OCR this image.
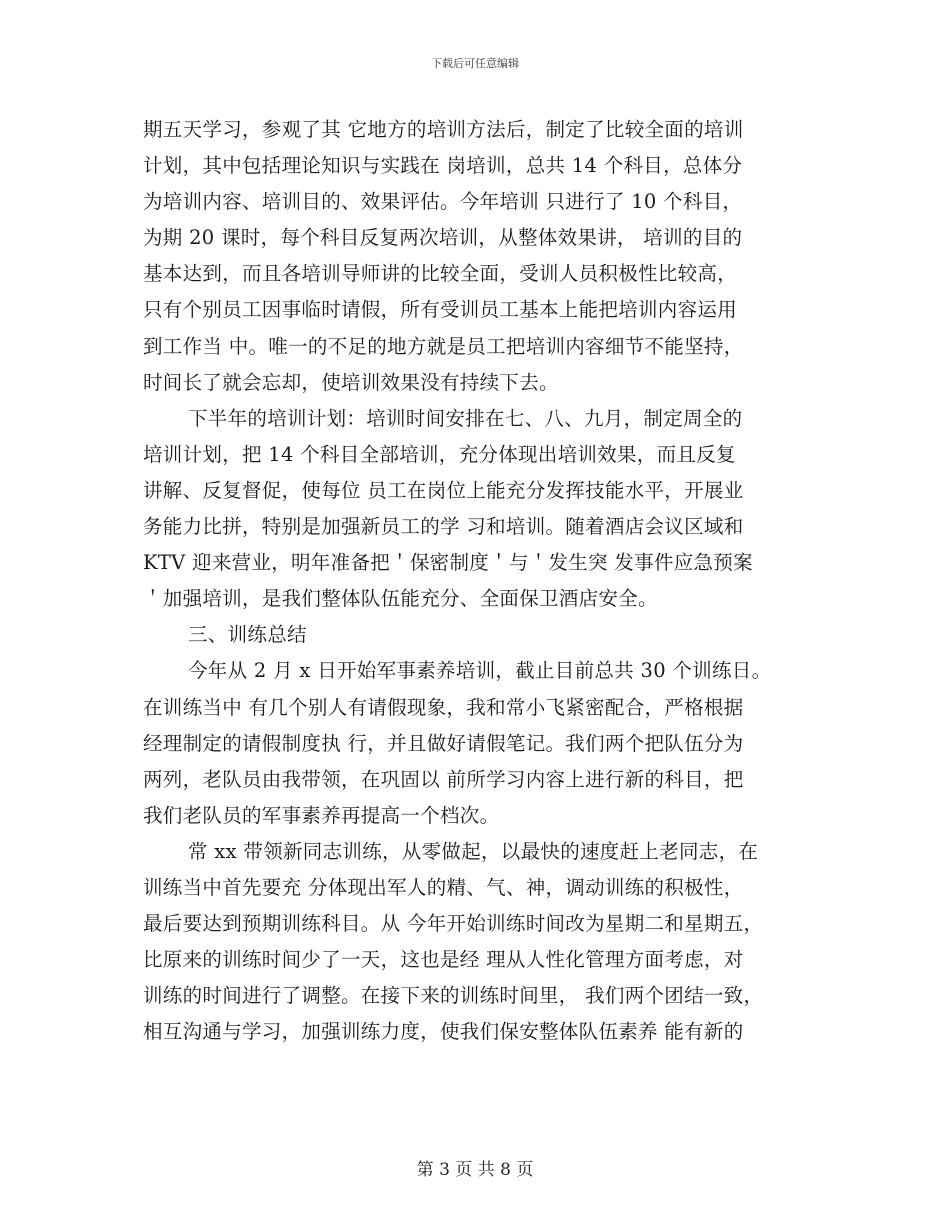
下载后可任意编辑
期五天学习，参观了其 它地方的培训方法后，制定了比较全面的培训
计划，其中包括理论知识与实践在 岗培训，总共 14 个科目，总体分
为培训内容、培训目的、效果评估。今年培训 只进行了 10 个科目，
为期 20 课时，每个科目反复两次培训，从整体效果讲， 培训的目的
基本达到，而且各培训导师讲的比较全面，受训人员积极性比较高，
只有个别员工因事临时请假，所有受训员工基本上能把培训内容运用
到工作当 中。唯一的不足的地方就是员工把培训内容细节不能坚持，
时间长了就会忘却，使培训效果没有持续下去。
下半年的培训计划：培训时间安排在七、八、九月，制定周全的
培训计划，把 14 个科目全部培训，充分体现出培训效果，而且反复
讲解、反复督促，使每位 员工在岗位上能充分发挥技能水平，开展业
务能力比拼，特别是加强新员工的学 习和培训。随着酒店会议区域和
KTV 迎来营业，明年准备把＇保密制度＇与＇发生突 发事件应急预案
＇加强培训，是我们整体队伍能充分、全面保卫酒店安全。
三、训练总结
今年从 2 月 x 日开始军事素养培训，截止目前总共 30 个训练日。
在训练当中 有几个别人有请假现象，我和常小飞紧密配合，严格根据
经理制定的请假制度执 行，并且做好请假笔记。我们两个把队伍分为
两列，老队员由我带领，在巩固以 前所学习内容上进行新的科目，把
我们老队员的军事素养再提高一个档次。
常 xx 带领新同志训练，从零做起，以最快的速度赶上老同志，在
训练当中首先要充 分体现出军人的精、气、神，调动训练的积极性，
最后要达到预期训练科目。从 今年开始训练时间改为星期二和星期五，
比原来的训练时间少了一天，这也是经 理从人性化管理方面考虑，对
训练的时间进行了调整。在接下来的训练时间里， 我们两个团结一致，
相互沟通与学习，加强训练力度，使我们保安整体队伍素养 能有新的
第 3 页 共 8 页
